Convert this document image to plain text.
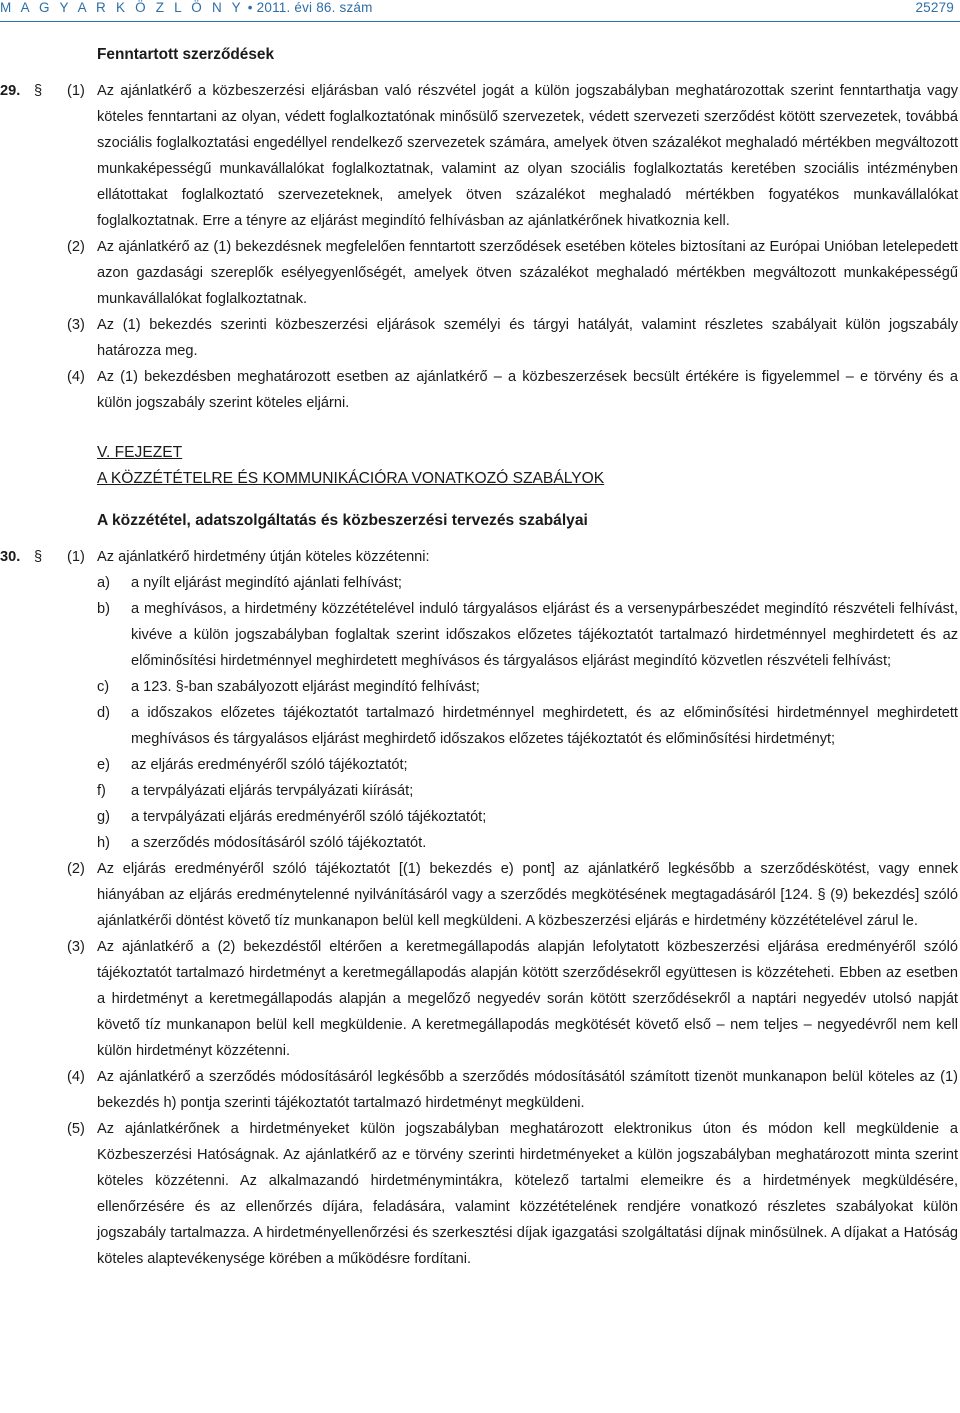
M A G Y A R K Ö Z L Ö N Y • 2011. évi 86. szám	25279
Fenntartott szerződések
29. § (1) Az ajánlatkérő a közbeszerzési eljárásban való részvétel jogát a külön jogszabályban meghatározottak szerint fenntarthatja vagy köteles fenntartani az olyan, védett foglalkoztatónak minősülő szervezetek, védett szervezeti szerződést kötött szervezetek, továbbá szociális foglalkoztatási engedéllyel rendelkező szervezetek számára, amelyek ötven százalékot meghaladó mértékben megváltozott munkaképességű munkavállalókat foglalkoztatnak, valamint az olyan szociális foglalkoztatás keretében szociális intézményben ellátottakat foglalkoztató szervezeteknek, amelyek ötven százalékot meghaladó mértékben fogyatékos munkavállalókat foglalkoztatnak. Erre a tényre az eljárást megindító felhívásban az ajánlatkérőnek hivatkoznia kell.

(2) Az ajánlatkérő az (1) bekezdésnek megfelelően fenntartott szerződések esetében köteles biztosítani az Európai Unióban letelepedett azon gazdasági szereplők esélyegyenlőségét, amelyek ötven százalékot meghaladó mértékben megváltozott munkaképességű munkavállalókat foglalkoztatnak.

(3) Az (1) bekezdés szerinti közbeszerzési eljárások személyi és tárgyi hatályát, valamint részletes szabályait külön jogszabály határozza meg.

(4) Az (1) bekezdésben meghatározott esetben az ajánlatkérő – a közbeszerzések becsült értékére is figyelemmel – e törvény és a külön jogszabály szerint köteles eljárni.

V. FEJEZET
A KÖZZÉTÉTELRE ÉS KOMMUNIKÁCIÓRA VONATKOZÓ SZABÁLYOK
A közzététel, adatszolgáltatás és közbeszerzési tervezés szabályai
30. § (1) Az ajánlatkérő hirdetmény útján köteles közzétenni:

a) a nyílt eljárást megindító ajánlati felhívást;
b) a meghívásos, a hirdetmény közzétételével induló tárgyalásos eljárást és a versenypárbeszédet megindító részvételi felhívást, kivéve a külön jogszabályban foglaltak szerint időszakos előzetes tájékoztatót tartalmazó hirdetménnyel meghirdetett és az előminősítési hirdetménnyel meghirdetett meghívásos és tárgyalásos eljárást megindító közvetlen részvételi felhívást;
c) a 123. §-ban szabályozott eljárást megindító felhívást;
d) a időszakos előzetes tájékoztatót tartalmazó hirdetménnyel meghirdetett, és az előminősítési hirdetménnyel meghirdetett meghívásos és tárgyalásos eljárást meghirdető időszakos előzetes tájékoztatót és előminősítési hirdetményt;
e) az eljárás eredményéről szóló tájékoztatót;
f) a tervpályázati eljárás tervpályázati kiírását;
g) a tervpályázati eljárás eredményéről szóló tájékoztatót;
h) a szerződés módosításáról szóló tájékoztatót.

(2) Az eljárás eredményéről szóló tájékoztatót [(1) bekezdés e) pont] az ajánlatkérő legkésőbb a szerződéskötést, vagy ennek hiányában az eljárás eredménytelenné nyilvánításáról vagy a szerződés megkötésének megtagadásáról [124. § (9) bekezdés] szóló ajánlatkérői döntést követő tíz munkanapon belül kell megküldeni. A közbeszerzési eljárás e hirdetmény közzétételével zárul le.

(3) Az ajánlatkérő a (2) bekezdéstől eltérően a keretmegállapodás alapján lefolytatott közbeszerzési eljárása eredményéről szóló tájékoztatót tartalmazó hirdetményt a keretmegállapodás alapján kötött szerződésekről együttesen is közzéteheti. Ebben az esetben a hirdetményt a keretmegállapodás alapján a megelőző negyedév során kötött szerződésekről a naptári negyedév utolsó napját követő tíz munkanapon belül kell megküldenie. A keretmegállapodás megkötését követő első – nem teljes – negyedévről nem kell külön hirdetményt közzétenni.

(4) Az ajánlatkérő a szerződés módosításáról legkésőbb a szerződés módosításától számított tizenöt munkanapon belül köteles az (1) bekezdés h) pontja szerinti tájékoztatót tartalmazó hirdetményt megküldeni.

(5) Az ajánlatkérőnek a hirdetményeket külön jogszabályban meghatározott elektronikus úton és módon kell megküldenie a Közbeszerzési Hatóságnak. Az ajánlatkérő az e törvény szerinti hirdetményeket a külön jogszabályban meghatározott minta szerint köteles közzétenni. Az alkalmazandó hirdetménymintákra, kötelező tartalmi elemeikre és a hirdetmények megküldésére, ellenőrzésére és az ellenőrzés díjára, feladására, valamint közzétételének rendjére vonatkozó részletes szabályokat külön jogszabály tartalmazza. A hirdetményellenőrzési és szerkesztési díjak igazgatási szolgáltatási díjnak minősülnek. A díjakat a Hatóság köteles alaptevékenysége körében a működésre fordítani.
